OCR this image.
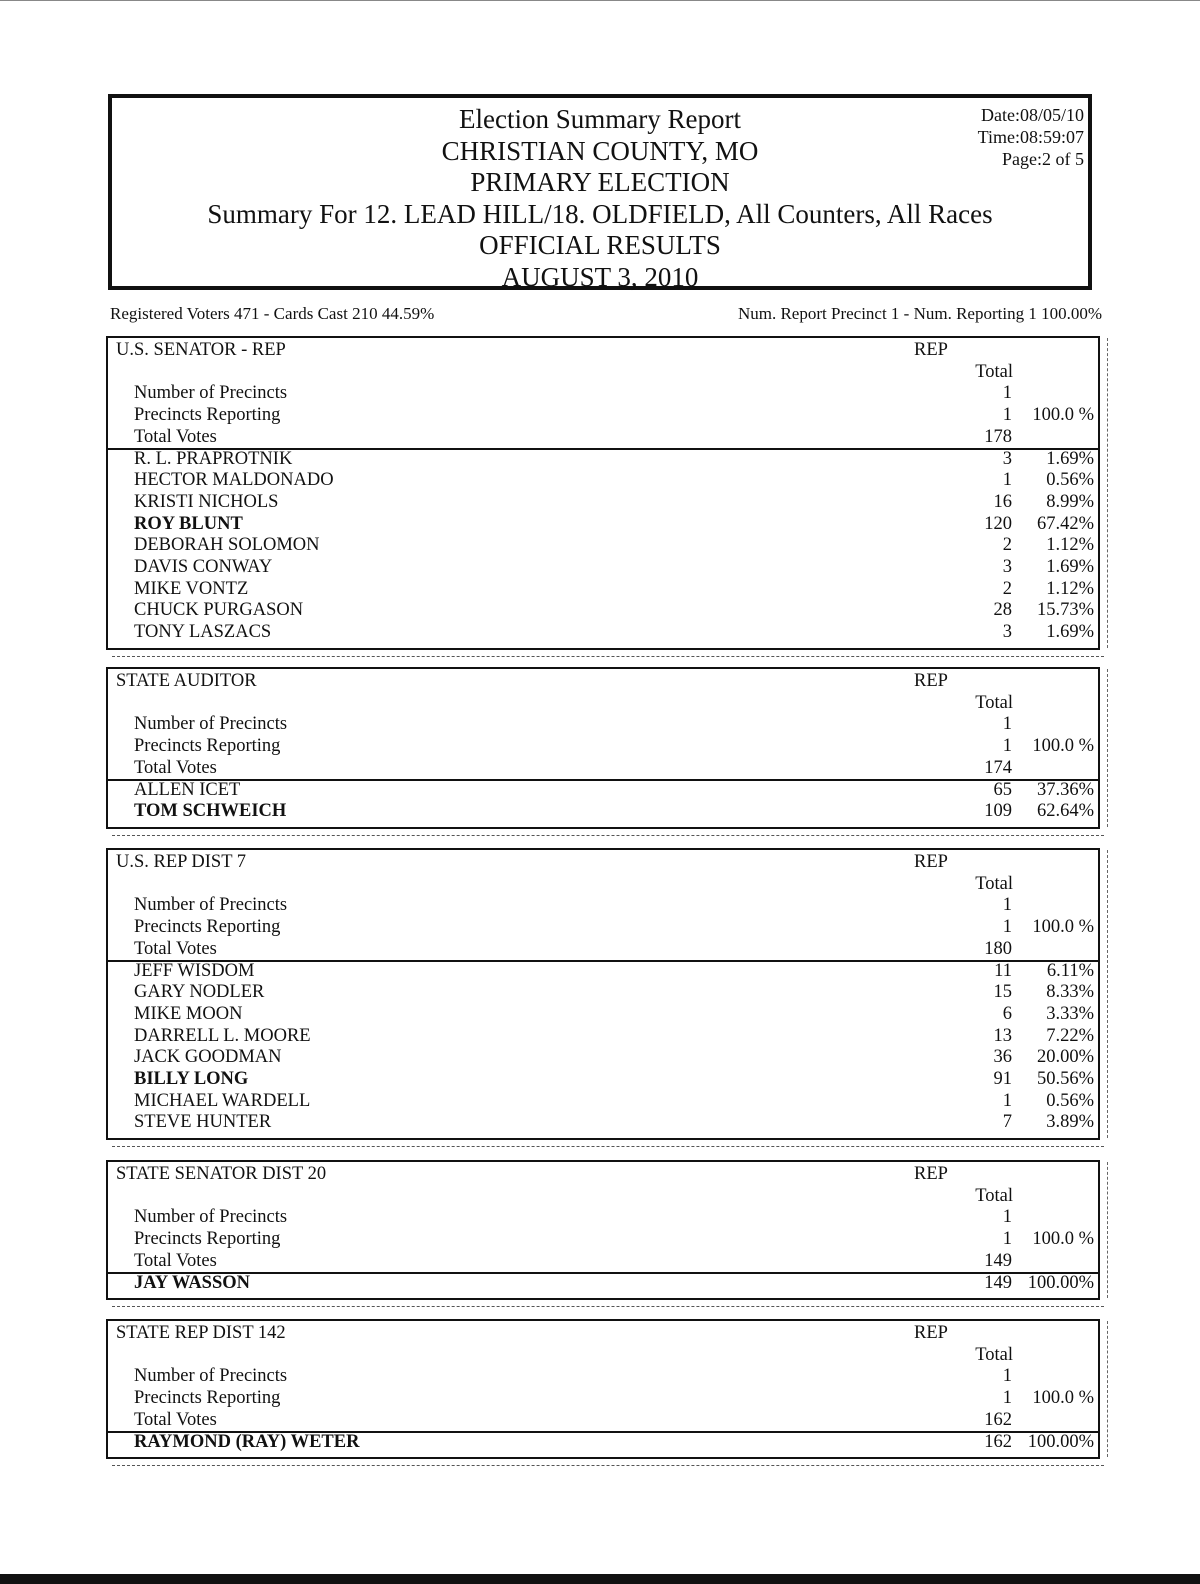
Election Summary Report
CHRISTIAN COUNTY, MO
PRIMARY ELECTION
Summary For 12. LEAD HILL/18. OLDFIELD, All Counters, All Races
OFFICIAL RESULTS
AUGUST 3, 2010
Date:08/05/10
Time:08:59:07
Page:2 of 5
Registered Voters 471 - Cards Cast 210 44.59%	Num. Report Precinct 1 - Num. Reporting 1 100.00%
U.S. SENATOR - REP	REP
Total
Number of Precincts	1
Precincts Reporting	1	100.0 %
Total Votes	178
R. L. PRAPROTNIK	3	1.69%
HECTOR MALDONADO	1	0.56%
KRISTI NICHOLS	16	8.99%
ROY BLUNT	120	67.42%
DEBORAH SOLOMON	2	1.12%
DAVIS CONWAY	3	1.69%
MIKE VONTZ	2	1.12%
CHUCK PURGASON	28	15.73%
TONY LASZACS	3	1.69%
STATE AUDITOR	REP
Total
Number of Precincts	1
Precincts Reporting	1	100.0 %
Total Votes	174
ALLEN ICET	65	37.36%
TOM SCHWEICH	109	62.64%
U.S. REP DIST 7	REP
Total
Number of Precincts	1
Precincts Reporting	1	100.0 %
Total Votes	180
JEFF WISDOM	11	6.11%
GARY NODLER	15	8.33%
MIKE MOON	6	3.33%
DARRELL L. MOORE	13	7.22%
JACK GOODMAN	36	20.00%
BILLY LONG	91	50.56%
MICHAEL WARDELL	1	0.56%
STEVE HUNTER	7	3.89%
STATE SENATOR DIST 20	REP
Total
Number of Precincts	1
Precincts Reporting	1	100.0 %
Total Votes	149
JAY WASSON	149 100.00%
STATE REP DIST 142	REP
Total
Number of Precincts	1
Precincts Reporting	1	100.0 %
Total Votes	162
RAYMOND (RAY) WETER	162 100.00%
